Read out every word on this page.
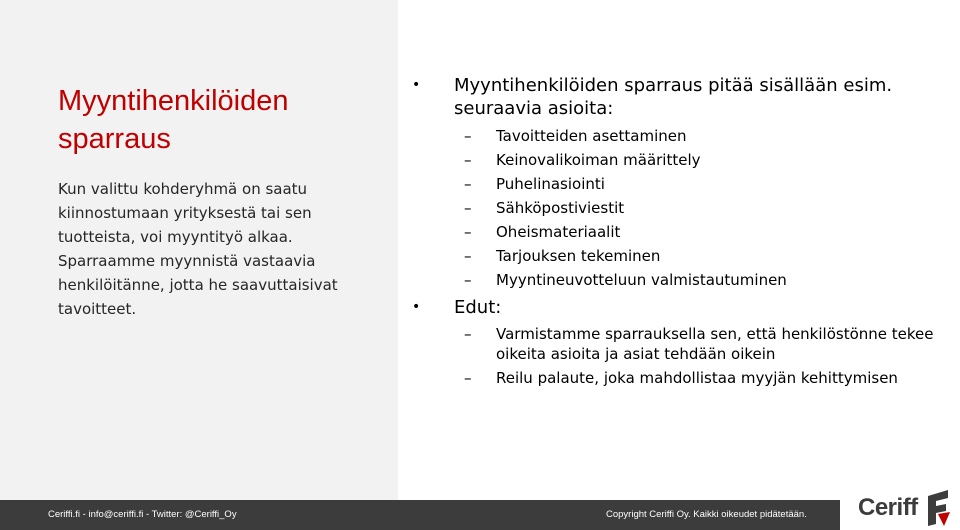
Myyntihenkilöiden sparraus
Kun valittu kohderyhmä on saatu kiinnostumaan yrityksestä tai sen tuotteista, voi myyntityö alkaa.
Sparraamme myynnistä vastaavia henkilöitänne, jotta he saavuttaisivat tavoitteet.
•	Myyntihenkilöiden sparraus pitää sisällään esim. seuraavia asioita:
–	Tavoitteiden asettaminen
–	Keinovalikoiman määrittely
–	Puhelinasiointi
–	Sähköpostiviestit
–	Oheismateriaalit
–	Tarjouksen tekeminen
–	Myyntineuvotteluun valmistautuminen
•	Edut:
–	Varmistamme sparrauksella sen, että henkilöstönne tekee oikeita asioita ja asiat tehdään oikein
–	Reilu palaute, joka mahdollistaa myyjän kehittymisen
Ceriffi.fi - info@ceriffi.fi - Twitter: @Ceriffi_Oy	Copyright Ceriffi Oy. Kaikki oikeudet pidätetään. Ceriff
